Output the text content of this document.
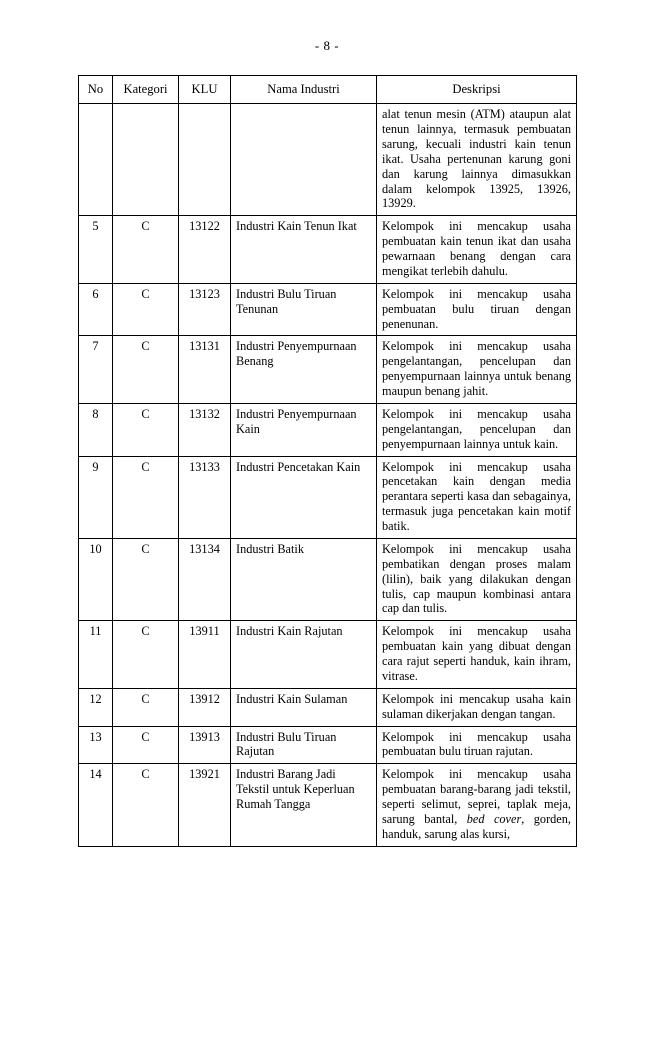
- 8 -
No	Kategori	KLU	Nama Industri	Deskripsi
				alat tenun mesin (ATM) ataupun alat tenun lainnya, termasuk pembuatan sarung, kecuali industri kain tenun ikat. Usaha pertenunan karung goni dan karung lainnya dimasukkan dalam kelompok 13925, 13926, 13929.
5	C	13122	Industri Kain Tenun Ikat	Kelompok ini mencakup usaha pembuatan kain tenun ikat dan usaha pewarnaan benang dengan cara mengikat terlebih dahulu.
6	C	13123	Industri Bulu Tiruan Tenunan	Kelompok ini mencakup usaha pembuatan bulu tiruan dengan penenunan.
7	C	13131	Industri Penyempurnaan Benang	Kelompok ini mencakup usaha pengelantangan, pencelupan dan penyempurnaan lainnya untuk benang maupun benang jahit.
8	C	13132	Industri Penyempurnaan Kain	Kelompok ini mencakup usaha pengelantangan, pencelupan dan penyempurnaan lainnya untuk kain.
9	C	13133	Industri Pencetakan Kain	Kelompok ini mencakup usaha pencetakan kain dengan media perantara seperti kasa dan sebagainya, termasuk juga pencetakan kain motif batik.
10	C	13134	Industri Batik	Kelompok ini mencakup usaha pembatikan dengan proses malam (lilin), baik yang dilakukan dengan tulis, cap maupun kombinasi antara cap dan tulis.
11	C	13911	Industri Kain Rajutan	Kelompok ini mencakup usaha pembuatan kain yang dibuat dengan cara rajut seperti handuk, kain ihram, vitrase.
12	C	13912	Industri Kain Sulaman	Kelompok ini mencakup usaha kain sulaman dikerjakan dengan tangan.
13	C	13913	Industri Bulu Tiruan Rajutan	Kelompok ini mencakup usaha pembuatan bulu tiruan rajutan.
14	C	13921	Industri Barang Jadi Tekstil untuk Keperluan Rumah Tangga	Kelompok ini mencakup usaha pembuatan barang-barang jadi tekstil, seperti selimut, seprei, taplak meja, sarung bantal, bed cover, gorden, handuk, sarung alas kursi,
